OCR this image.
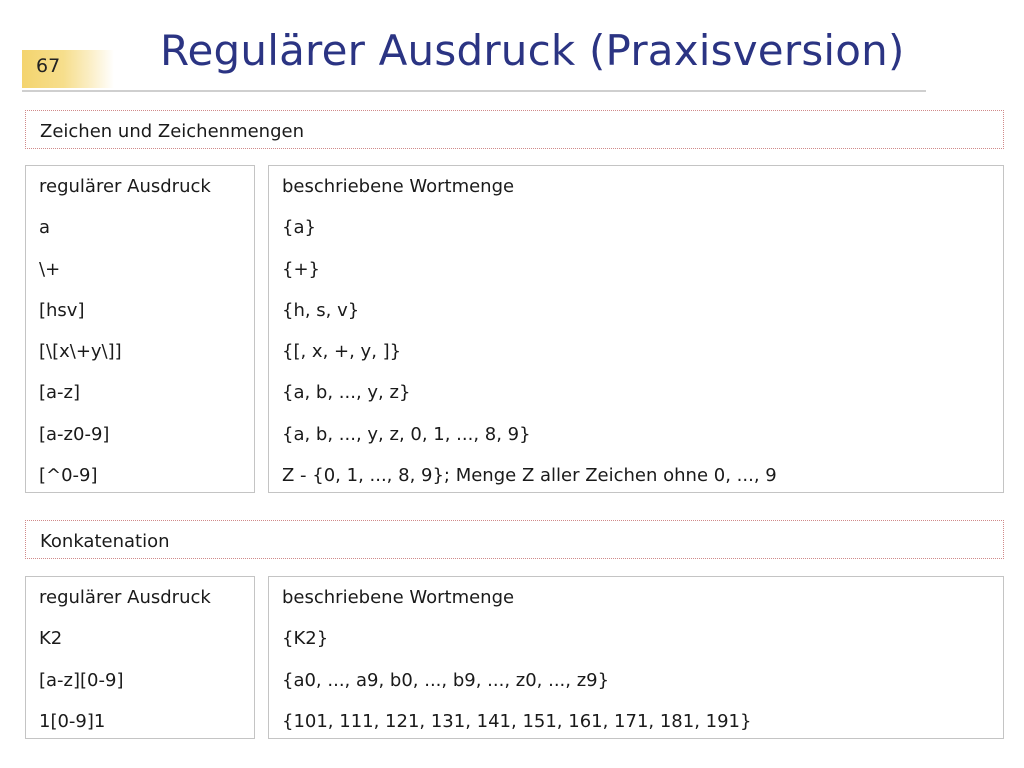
67 Regulärer Ausdruck (Praxisversion)
Zeichen und Zeichenmengen
regulärer Ausdruck
a
\+
[hsv]
[\[x\+y\]]
[a-z]
[a-z0-9]
[^0-9]
beschriebene Wortmenge
{a}
{+}
{h, s, v}
{[, x, +, y, ]}
{a, b, ..., y, z}
{a, b, ..., y, z, 0, 1, ..., 8, 9}
Z - {0, 1, ..., 8, 9}; Menge Z aller Zeichen ohne 0, ..., 9
Konkatenation
regulärer Ausdruck
K2
[a-z][0-9]
1[0-9]1
beschriebene Wortmenge
{K2}
{a0, ..., a9, b0, ..., b9, ..., z0, ..., z9}
{101, 111, 121, 131, 141, 151, 161, 171, 181, 191}
